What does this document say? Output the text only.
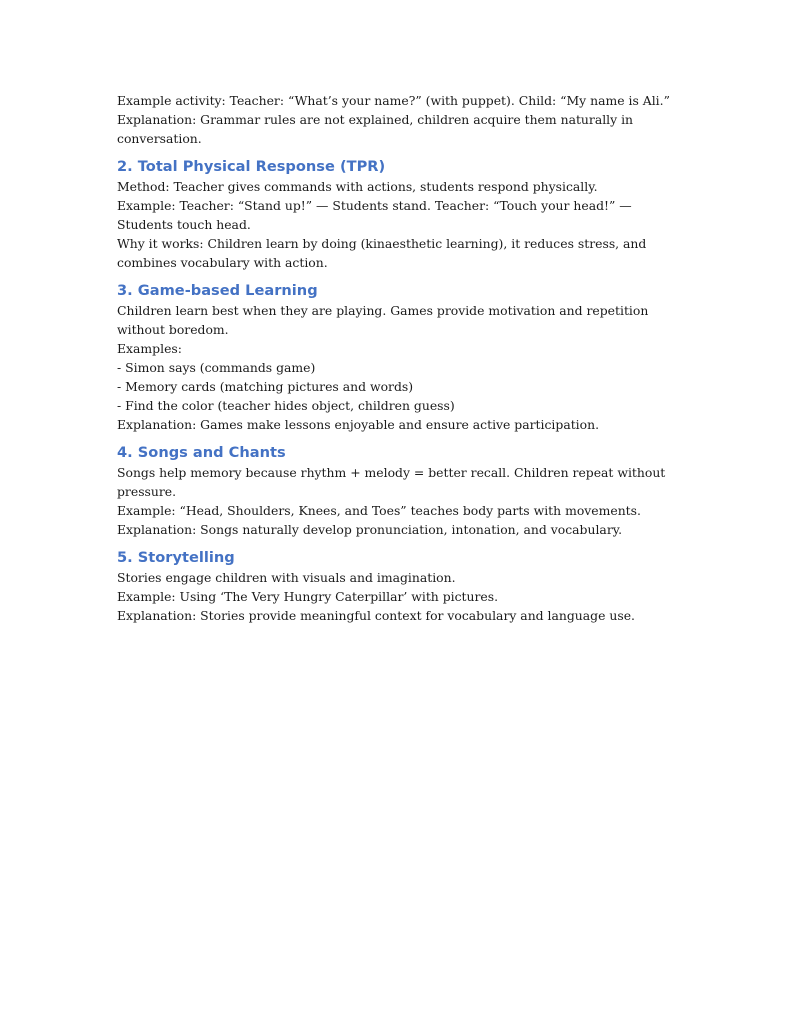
Example activity: Teacher: “What’s your name?” (with puppet). Child: “My name is Ali.”

Explanation: Grammar rules are not explained, children acquire them naturally in conversation.

2. Total Physical Response (TPR)

Method: Teacher gives commands with actions, students respond physically.

Example: Teacher: “Stand up!” — Students stand. Teacher: “Touch your head!” — Students touch head.

Why it works: Children learn by doing (kinaesthetic learning), it reduces stress, and combines vocabulary with action.

3. Game-based Learning

Children learn best when they are playing. Games provide motivation and repetition without boredom.

Examples:

- Simon says (commands game)

- Memory cards (matching pictures and words)

- Find the color (teacher hides object, children guess)

Explanation: Games make lessons enjoyable and ensure active participation.

4. Songs and Chants

Songs help memory because rhythm + melody = better recall. Children repeat without pressure.

Example: “Head, Shoulders, Knees, and Toes” teaches body parts with movements.

Explanation: Songs naturally develop pronunciation, intonation, and vocabulary.

5. Storytelling

Stories engage children with visuals and imagination.

Example: Using ‘The Very Hungry Caterpillar’ with pictures.

Explanation: Stories provide meaningful context for vocabulary and language use.
